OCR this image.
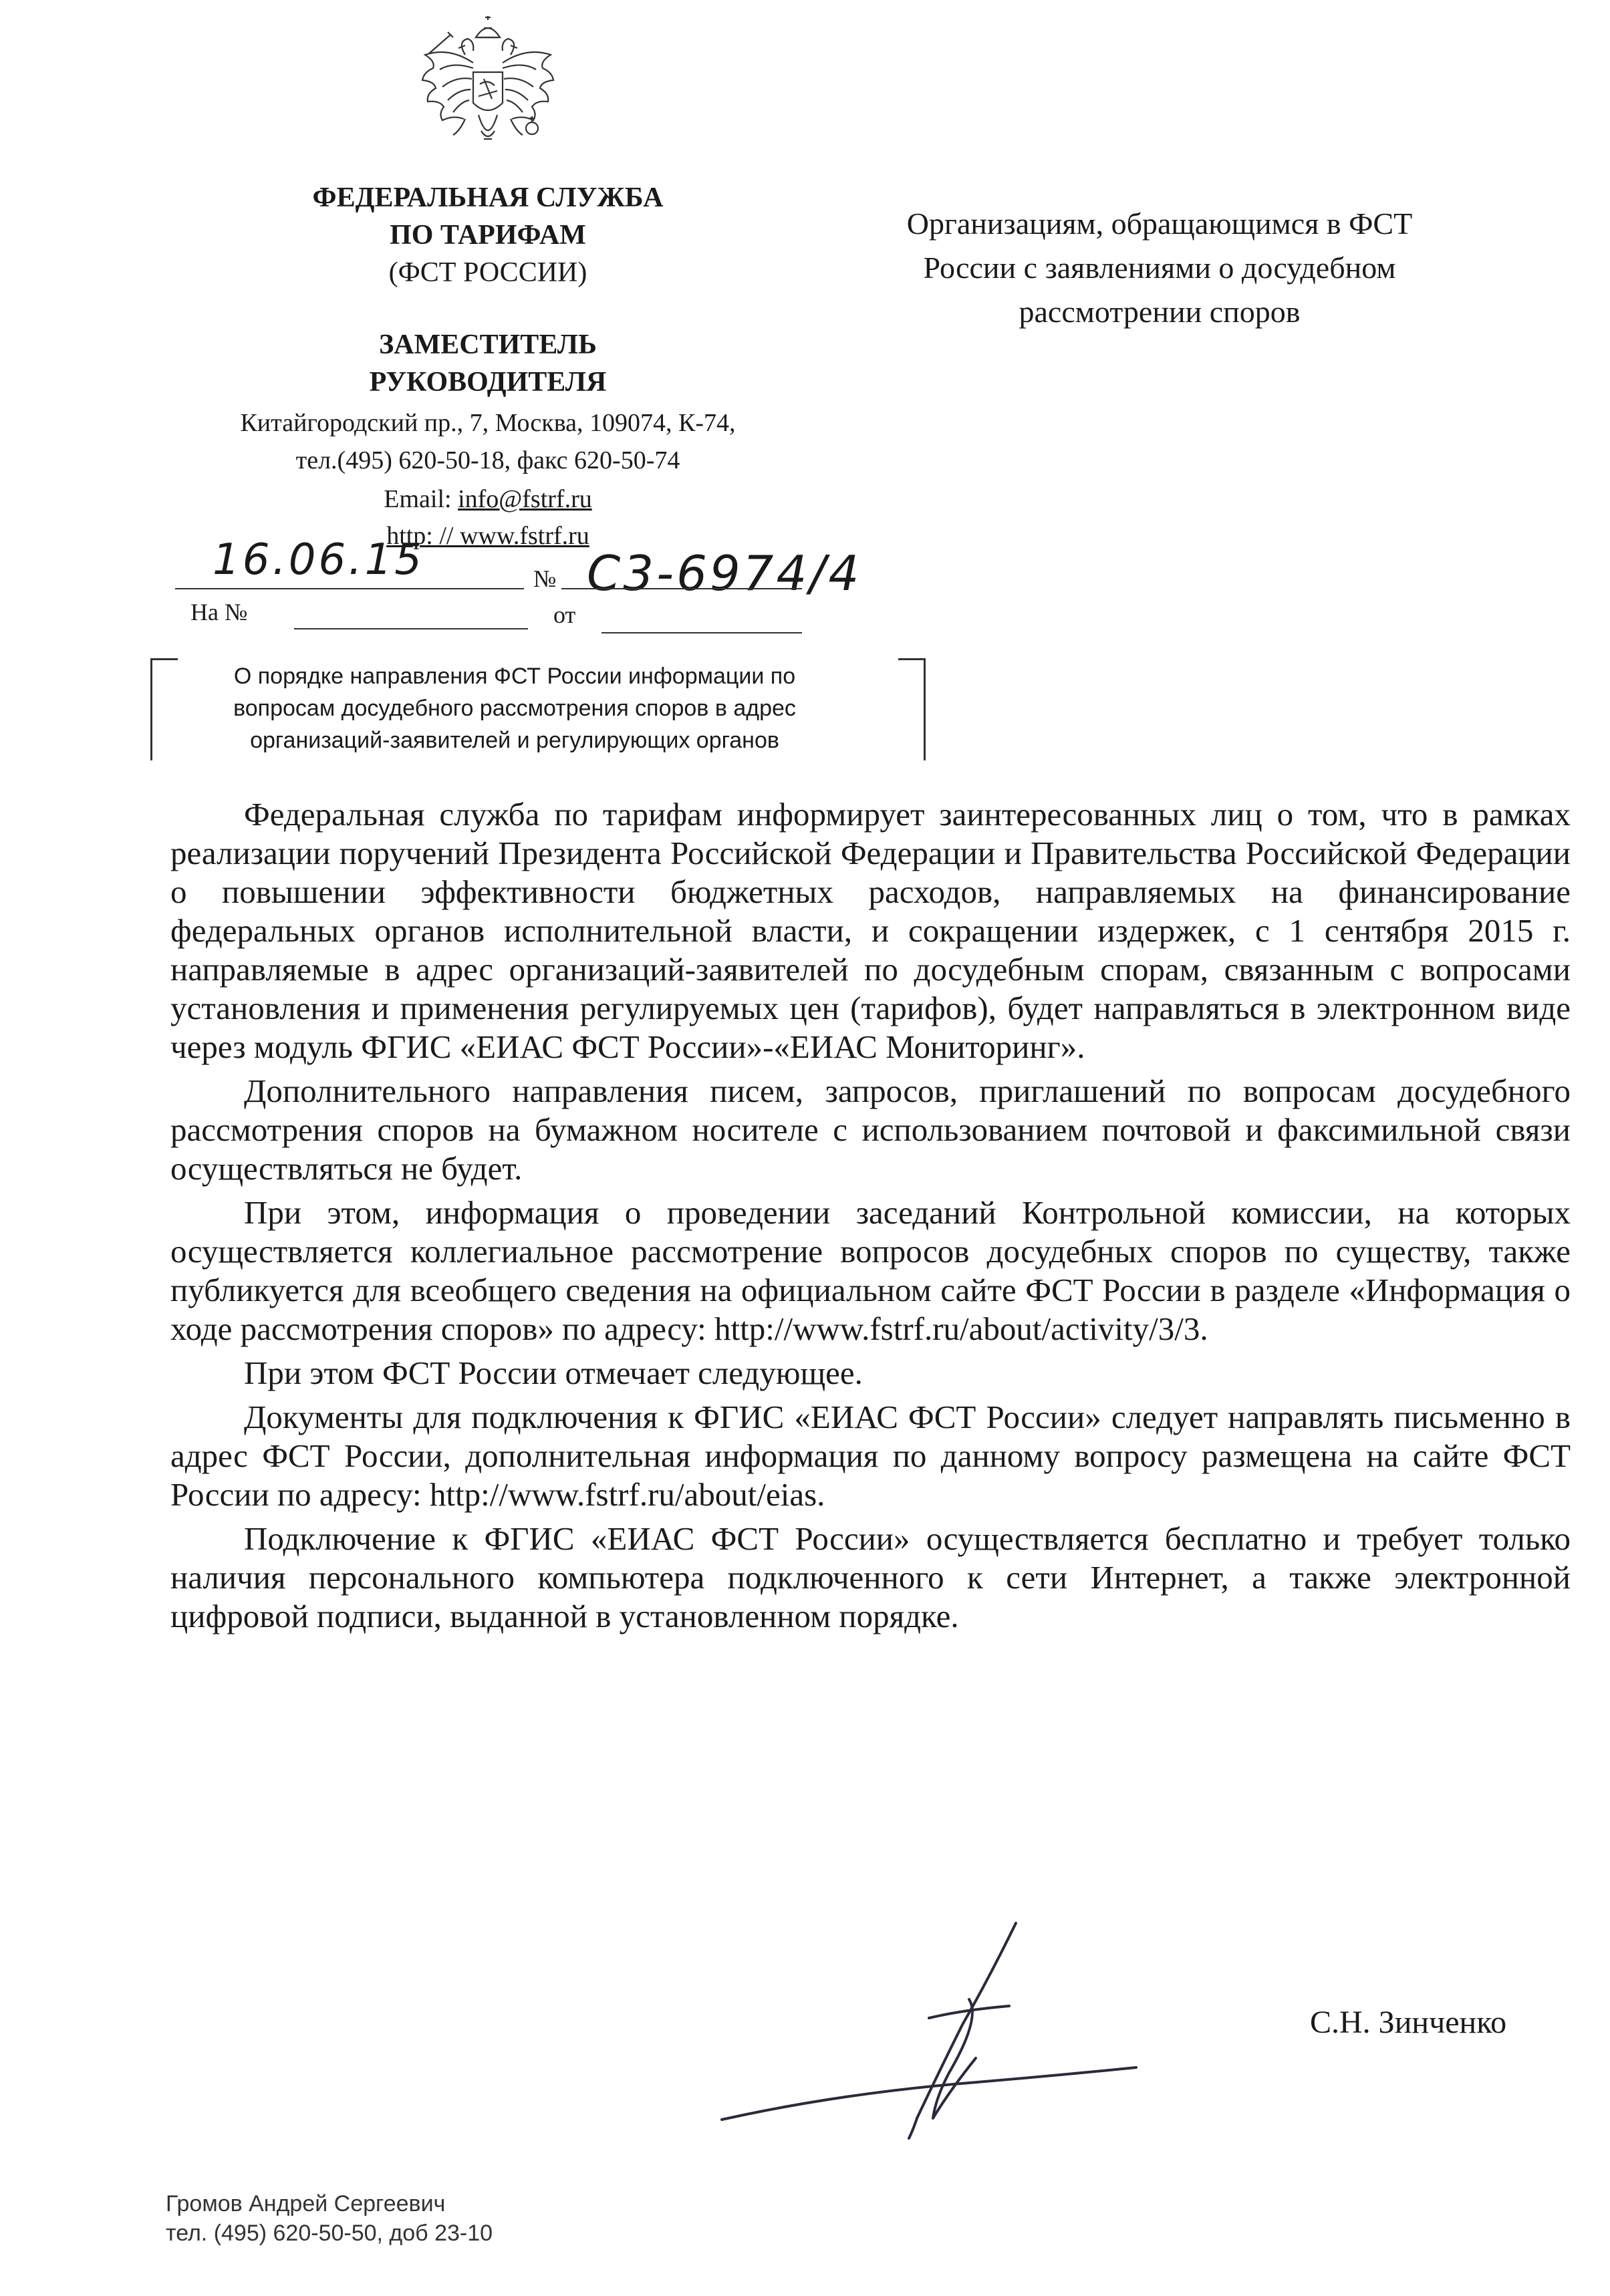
ФЕДЕРАЛЬНАЯ СЛУЖБА
ПО ТАРИФАМ
(ФСТ РОССИИ)
ЗАМЕСТИТЕЛЬ
РУКОВОДИТЕЛЯ
Китайгородский пр., 7, Москва, 109074, К-74,
тел.(495) 620-50-18, факс 620-50-74
Email: info@fstrf.ru
http: // www.fstrf.ru
Организациям, обращающимся в ФСТ
России с заявлениями о досудебном
рассмотрении споров
16.06.15	№ С3-6974/4
На №	от
О порядке направления ФСТ России информации по
вопросам досудебного рассмотрения споров в адрес
организаций-заявителей и регулирующих органов

Федеральная служба по тарифам информирует заинтересованных лиц о том, что в рамках реализации поручений Президента Российской Федерации и Правительства Российской Федерации о повышении эффективности бюджетных расходов, направляемых на финансирование федеральных органов исполнительной власти, и сокращении издержек, с 1 сентября 2015 г. направляемые в адрес организаций-заявителей по досудебным спорам, связанным с вопросами установления и применения регулируемых цен (тарифов), будет направляться в электронном виде через модуль ФГИС «ЕИАС ФСТ России»-«ЕИАС Мониторинг».

Дополнительного направления писем, запросов, приглашений по вопросам досудебного рассмотрения споров на бумажном носителе с использованием почтовой и факсимильной связи осуществляться не будет.

При этом, информация о проведении заседаний Контрольной комиссии, на которых осуществляется коллегиальное рассмотрение вопросов досудебных споров по существу, также публикуется для всеобщего сведения на официальном сайте ФСТ России в разделе «Информация о ходе рассмотрения споров» по адресу: http://www.fstrf.ru/about/activity/3/3.

При этом ФСТ России отмечает следующее.

Документы для подключения к ФГИС «ЕИАС ФСТ России» следует направлять письменно в адрес ФСТ России, дополнительная информация по данному вопросу размещена на сайте ФСТ России по адресу: http://www.fstrf.ru/about/eias.

Подключение к ФГИС «ЕИАС ФСТ России» осуществляется бесплатно и требует только наличия персонального компьютера подключенного к сети Интернет, а также электронной цифровой подписи, выданной в установленном порядке.

С.Н. Зинченко
Громов Андрей Сергеевич
тел. (495) 620-50-50, доб 23-10
